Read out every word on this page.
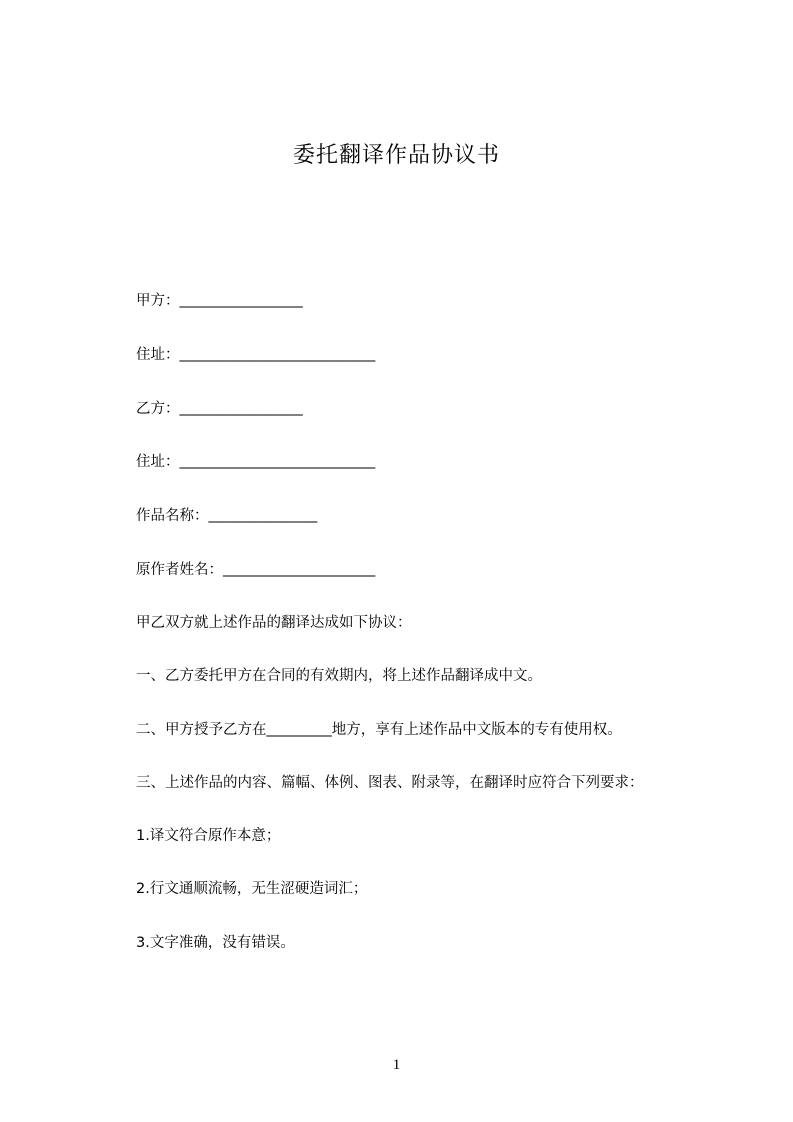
委托翻译作品协议书
甲方：_________________
住址：___________________________
乙方：_________________
住址：___________________________
作品名称：_______________
原作者姓名：_____________________
甲乙双方就上述作品的翻译达成如下协议：
一、乙方委托甲方在合同的有效期内，将上述作品翻译成中文。
二、甲方授予乙方在_________地方，享有上述作品中文版本的专有使用权。
三、上述作品的内容、篇幅、体例、图表、附录等，在翻译时应符合下列要求：
1.译文符合原作本意；
2.行文通顺流畅，无生涩硬造词汇；
3.文字准确，没有错误。
1
